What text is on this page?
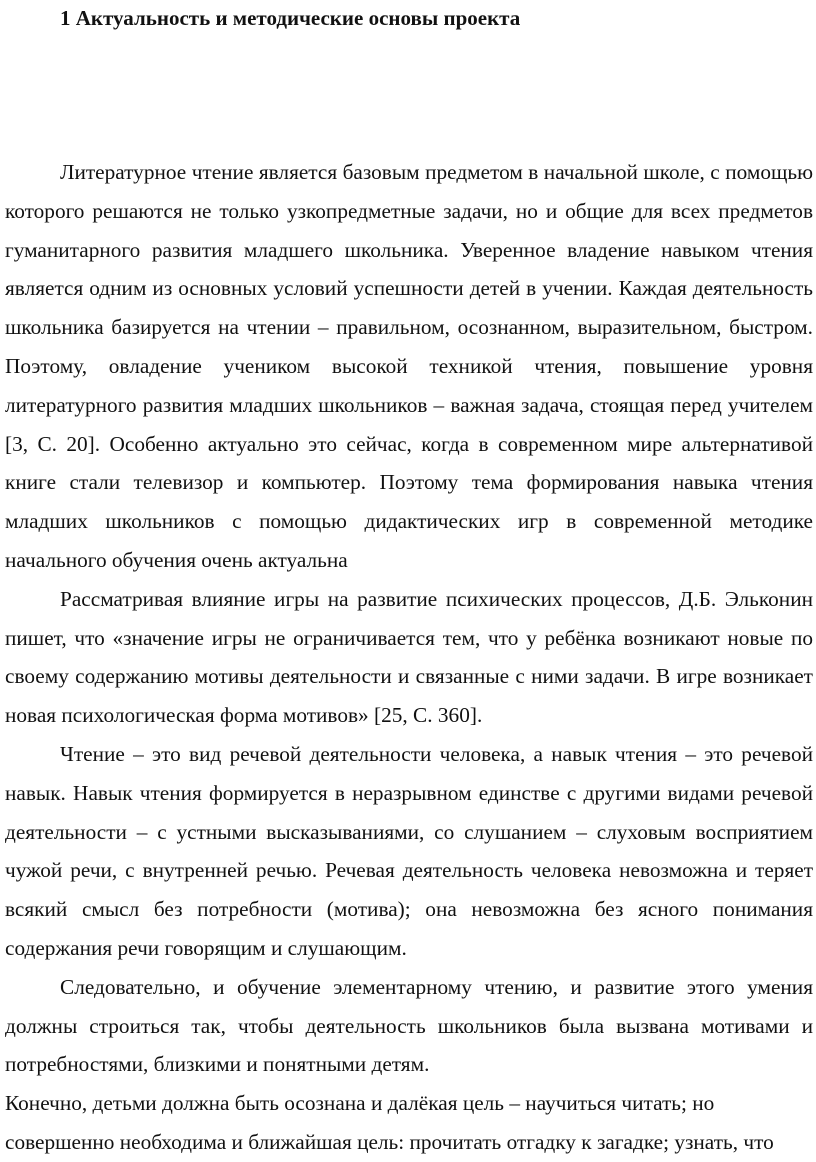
1 Актуальность и методические основы проекта

Литературное чтение является базовым предметом в начальной школе, с помощью которого решаются не только узкопредметные задачи, но и общие для всех предметов гуманитарного развития младшего школьника. Уверенное владение навыком чтения является одним из основных условий успешности детей в учении. Каждая деятельность школьника базируется на чтении – правильном, осознанном, выразительном, быстром. Поэтому, овладение учеником высокой техникой чтения, повышение уровня литературного развития младших школьников – важная задача, стоящая перед учителем [3, С. 20]. Особенно актуально это сейчас, когда в современном мире альтернативой книге стали телевизор и компьютер. Поэтому тема формирования навыка чтения младших школьников с помощью дидактических игр в современной методике начального обучения очень актуальна

Рассматривая влияние игры на развитие психических процессов, Д.Б. Эльконин пишет, что «значение игры не ограничивается тем, что у ребёнка возникают новые по своему содержанию мотивы деятельности и связанные с ними задачи. В игре возникает новая психологическая форма мотивов» [25, С. 360].

Чтение – это вид речевой деятельности человека, а навык чтения – это речевой навык. Навык чтения формируется в неразрывном единстве с другими видами речевой деятельности – с устными высказываниями, со слушанием – слуховым восприятием чужой речи, с внутренней речью. Речевая деятельность человека невозможна и теряет всякий смысл без потребности (мотива); она невозможна без ясного понимания содержания речи говорящим и слушающим.

Следовательно, и обучение элементарному чтению, и развитие этого умения должны строиться так, чтобы деятельность школьников была вызвана мотивами и потребностями, близкими и понятными детям.

Конечно, детьми должна быть осознана и далёкая цель – научиться читать; но

совершенно необходима и ближайшая цель: прочитать отгадку к загадке; узнать, что
